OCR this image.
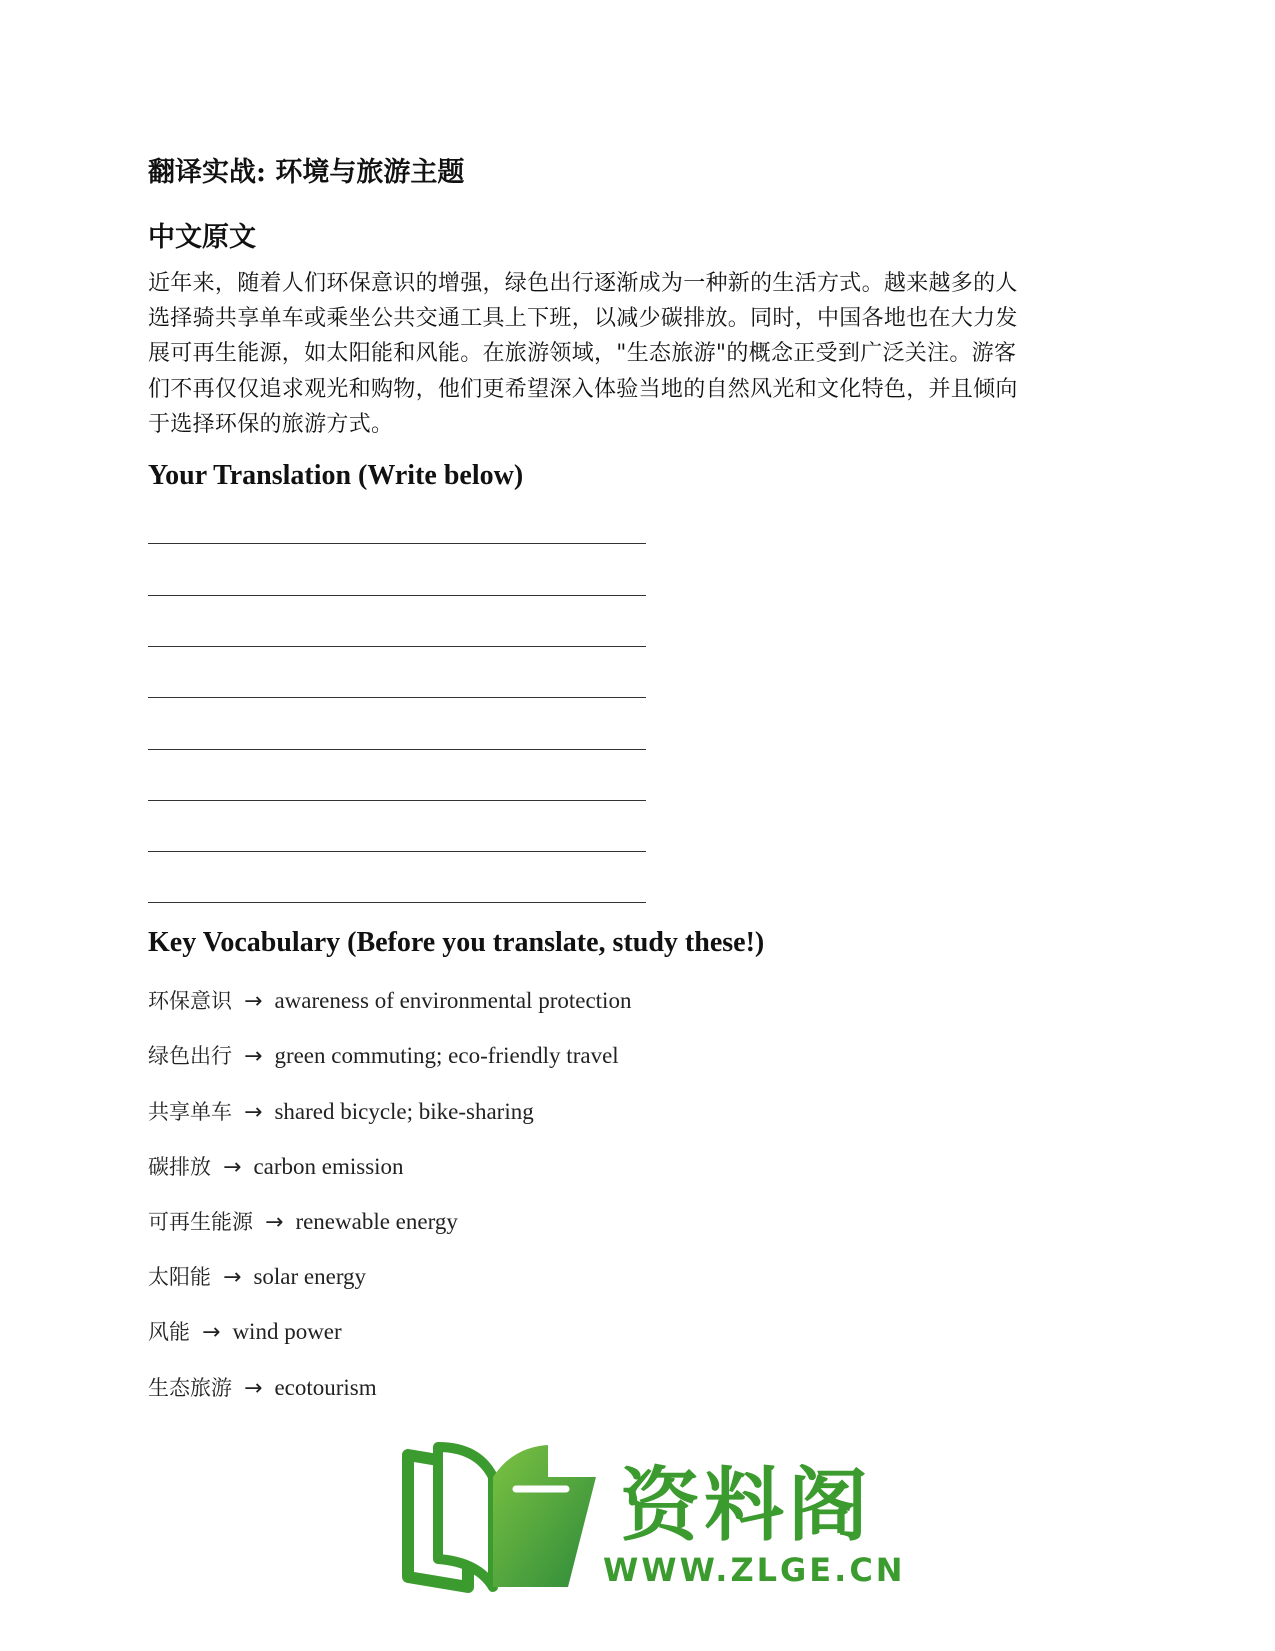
翻译实战: 环境与旅游主题
中文原文
近年来，随着人们环保意识的增强，绿色出行逐渐成为一种新的生活方式。越来越多的人
选择骑共享单车或乘坐公共交通工具上下班，以减少碳排放。同时，中国各地也在大力发
展可再生能源，如太阳能和风能。在旅游领域，"生态旅游"的概念正受到广泛关注。游客
们不再仅仅追求观光和购物，他们更希望深入体验当地的自然风光和文化特色，并且倾向
于选择环保的旅游方式。
Your Translation (Write below)
Key Vocabulary (Before you translate, study these!)
环保意识 → awareness of environmental protection
绿色出行 → green commuting; eco-friendly travel
共享单车 → shared bicycle; bike-sharing
碳排放 → carbon emission
可再生能源 → renewable energy
太阳能 → solar energy
风能 → wind power
生态旅游 → ecotourism
资料阁
WWW.ZLGE.CN
